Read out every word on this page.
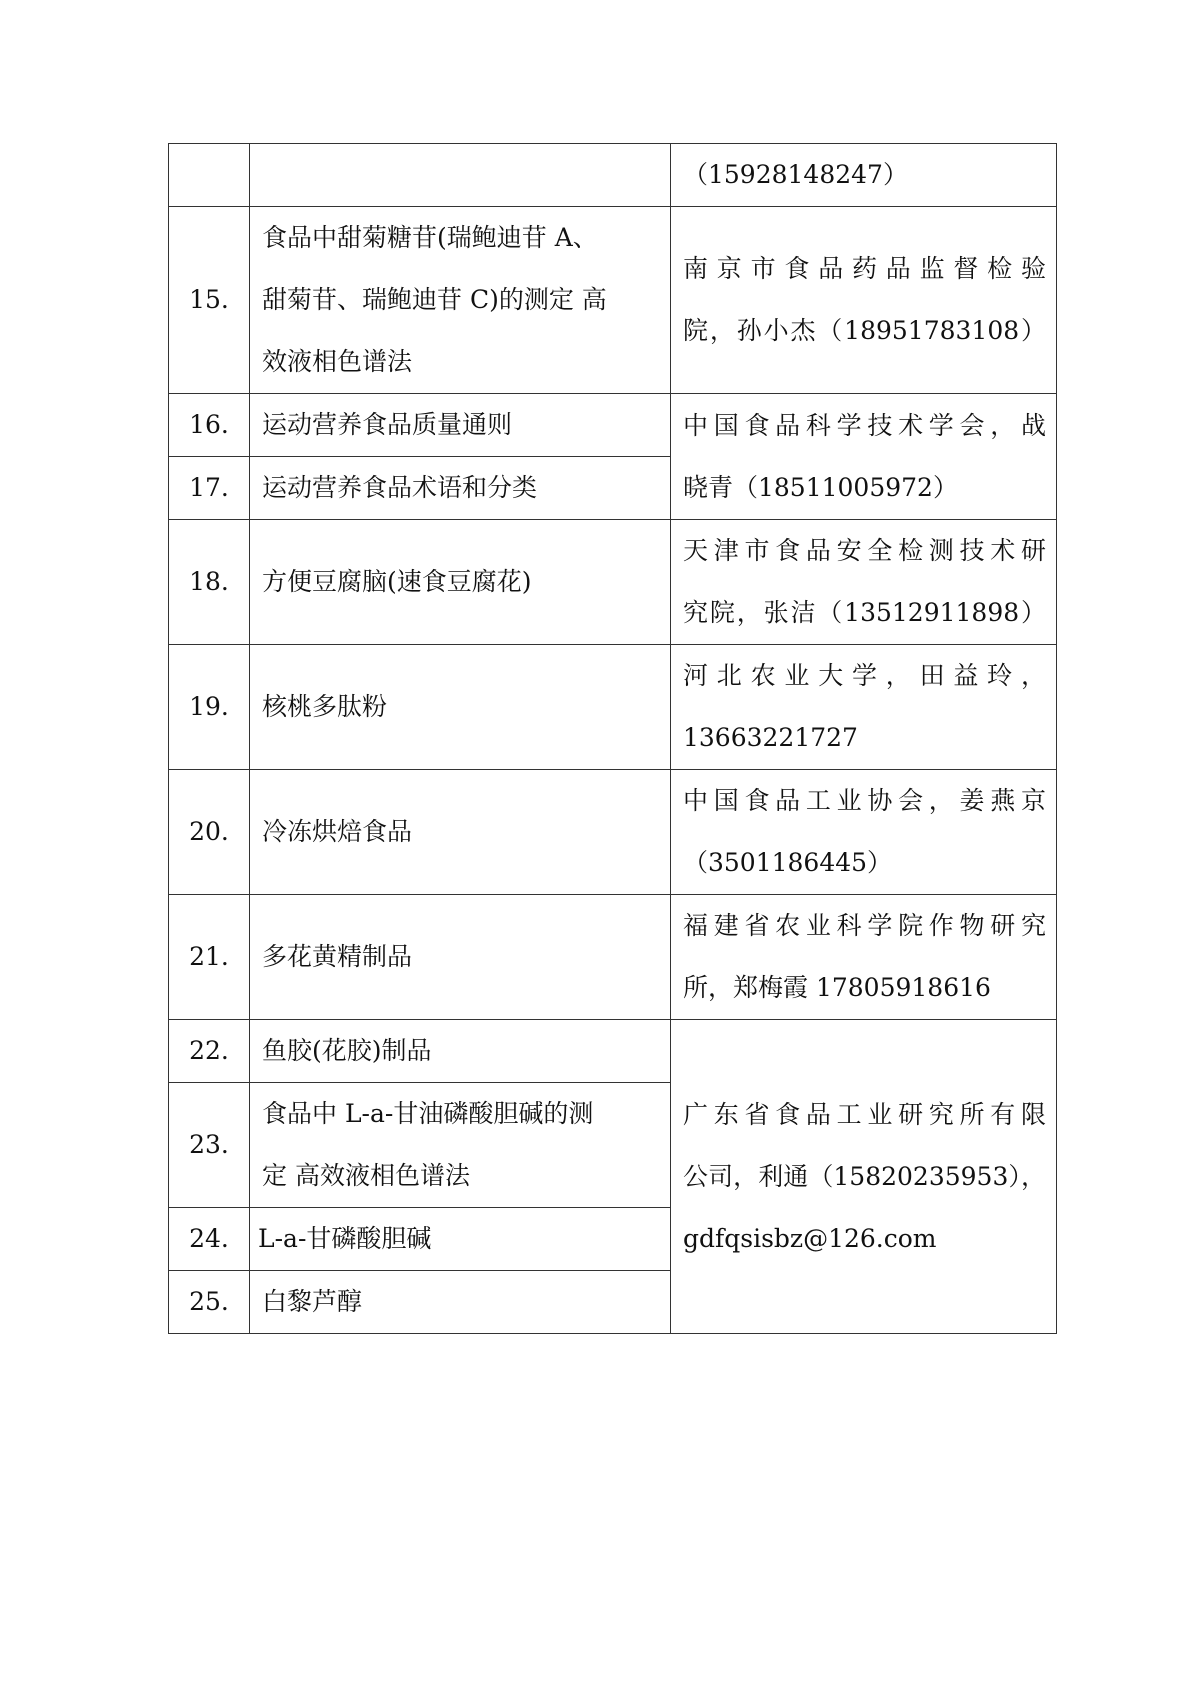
		（15928148247）

15.	食品中甜菊糖苷(瑞鲍迪苷 A、
甜菊苷、瑞鲍迪苷 C)的测定 高
效液相色谱法	南京市食品药品监督检验
院，孙小杰（18951783108）

16.	运动营养食品质量通则	中国食品科学技术学会，战
晓青（18511005972）

17.	运动营养食品术语和分类	
18.	方便豆腐脑(速食豆腐花)	天津市食品安全检测技术研
究院，张洁（13512911898）

19.	核桃多肽粉	河北农业大学，田益玲，
13663221727

20.	冷冻烘焙食品	中国食品工业协会，姜燕京
（3501186445）

21.	多花黄精制品	福建省农业科学院作物研究
所，郑梅霞 17805918616

22.	鱼胶(花胶)制品	广东省食品工业研究所有限
公司，利通（15820235953），
gdfqsisbz@126.com

23.	食品中 L-a-甘油磷酸胆碱的测
定 高效液相色谱法	

24.	L-a-甘磷酸胆碱	
25.	白黎芦醇	
